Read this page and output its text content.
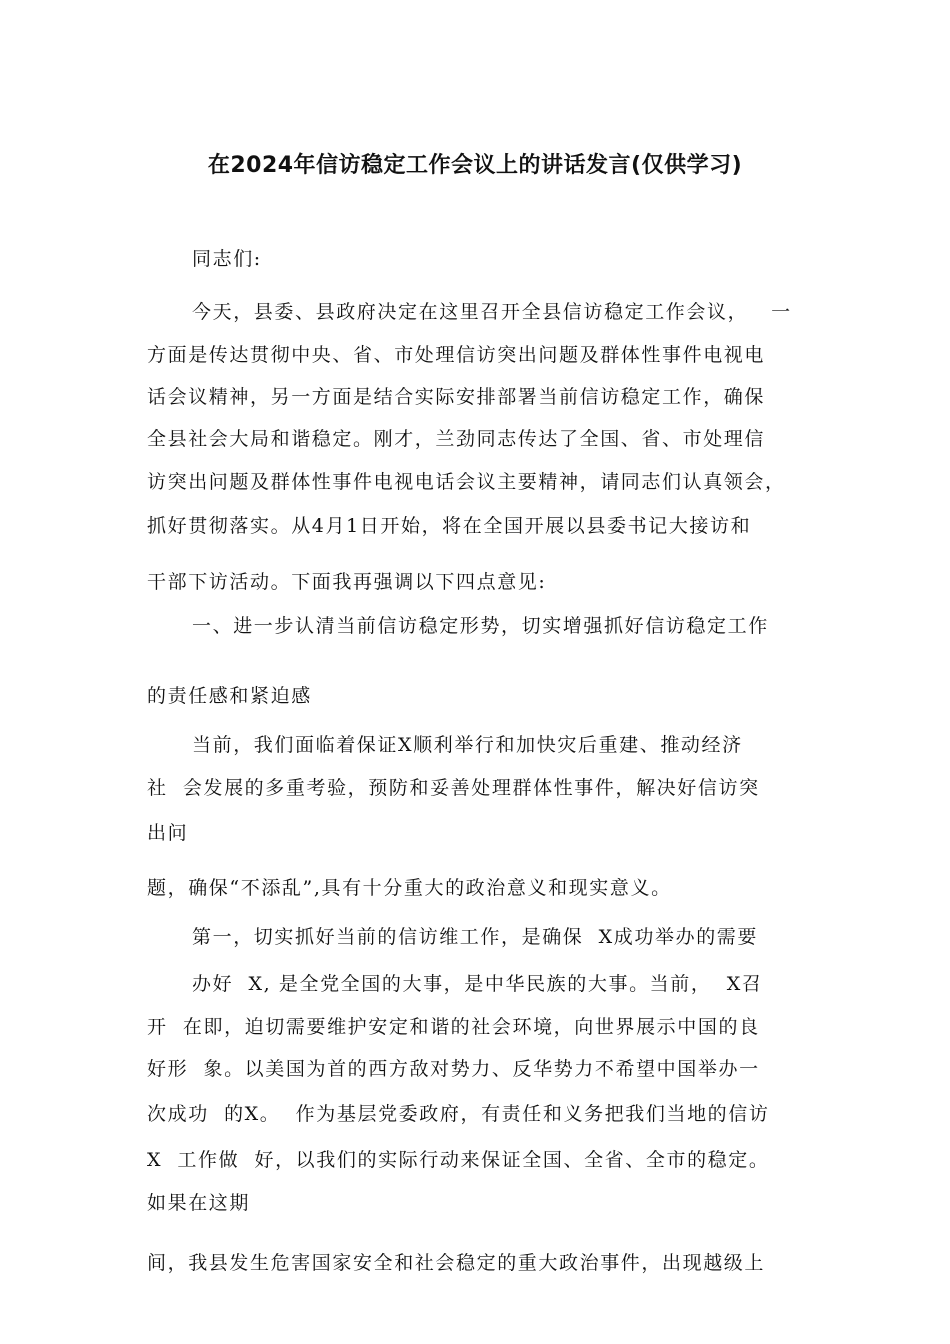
在2024年信访稳定工作会议上的讲话发言(仅供学习)
同志们:
今天，县委、县政府决定在这里召开全县信访稳定工作会议，   一
方面是传达贯彻中央、省、市处理信访突出问题及群体性事件电视电
话会议精神，另一方面是结合实际安排部署当前信访稳定工作，确保
全县社会大局和谐稳定。刚才，兰劲同志传达了全国、省、市处理信
访突出问题及群体性事件电视电话会议主要精神，请同志们认真领会，
抓好贯彻落实。从4月1日开始，将在全国开展以县委书记大接访和
干部下访活动。下面我再强调以下四点意见:
一、进一步认清当前信访稳定形势，切实增强抓好信访稳定工作
的责任感和紧迫感
当前，我们面临着保证X顺利举行和加快灾后重建、推动经济
社  会发展的多重考验，预防和妥善处理群体性事件，解决好信访突
出问
题，确保“不添乱”,具有十分重大的政治意义和现实意义。
第一，切实抓好当前的信访维工作，是确保  X成功举办的需要
办好  X, 是全党全国的大事，是中华民族的大事。当前，  X召
开  在即，迫切需要维护安定和谐的社会环境，向世界展示中国的良
好形  象。以美国为首的西方敌对势力、反华势力不希望中国举办一
次成功  的X。  作为基层党委政府，有责任和义务把我们当地的信访
X  工作做  好，以我们的实际行动来保证全国、全省、全市的稳定。
如果在这期
间，我县发生危害国家安全和社会稳定的重大政治事件，出现越级上
